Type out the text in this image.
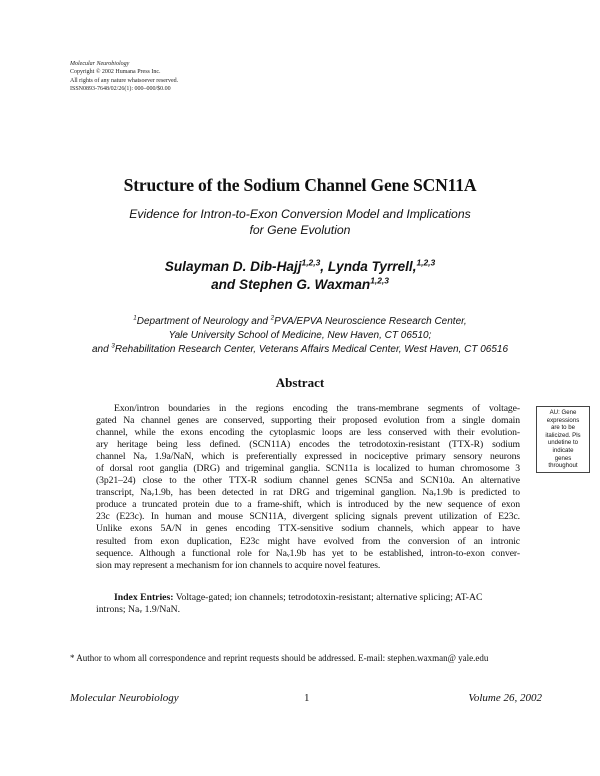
Molecular Neurobiology
Copyright © 2002 Humana Press Inc.
All rights of any nature whatsoever reserved.
ISSN0893-7648/02/26(1): 000–000/$0.00
Structure of the Sodium Channel Gene SCN11A
Evidence for Intron-to-Exon Conversion Model and Implications
for Gene Evolution
Sulayman D. Dib-Hajj$^{1,2,3}$, Lynda Tyrrell,$^{1,2,3}$
and Stephen G. Waxman$^{1,2,3}$
$^1$Department of Neurology and $^2$PVA/EPVA Neuroscience Research Center,
Yale University School of Medicine, New Haven, CT 06510;
and $^3$Rehabilitation Research Center, Veterans Affairs Medical Center, West Haven, CT 06516
Abstract
Exon/intron boundaries in the regions encoding the trans-membrane segments of voltage-
gated Na channel genes are conserved, supporting their proposed evolution from a single domain
channel, while the exons encoding the cytoplasmic loops are less conserved with their evolution-
ary heritage being less defined. (SCN11A) encodes the tetrodotoxin-resistant (TTX-R) sodium
channel Naᵥ 1.9a/NaN, which is preferentially expressed in nociceptive primary sensory neurons
of dorsal root ganglia (DRG) and trigeminal ganglia. SCN11a is localized to human chromosome 3
(3p21–24) close to the other TTX-R sodium channel genes SCN5a and SCN10a. An alternative
transcript, Naᵥ1.9b, has been detected in rat DRG and trigeminal ganglion. Naᵥ1.9b is predicted to
produce a truncated protein due to a frame-shift, which is introduced by the new sequence of exon
23c (E23c). In human and mouse SCN11A, divergent splicing signals prevent utilization of E23c.
Unlike exons 5A/N in genes encoding TTX-sensitive sodium channels, which appear to have
resulted from exon duplication, E23c might have evolved from the conversion of an intronic
sequence. Although a functional role for Naᵥ1.9b has yet to be established, intron-to-exon conver-
sion may represent a mechanism for ion channels to acquire novel features.
AU: Gene
expressions
are to be
italicized. Pls
undetine to
indicate
genes
throughout
Index Entries: Voltage-gated; ion channels; tetrodotoxin-resistant; alternative splicing; AT-AC
introns; Naᵥ 1.9/NaN.
* Author to whom all correspondence and reprint requests should be addressed. E-mail: stephen.waxman@ yale.edu
Molecular Neurobiology	1	Volume 26, 2002
